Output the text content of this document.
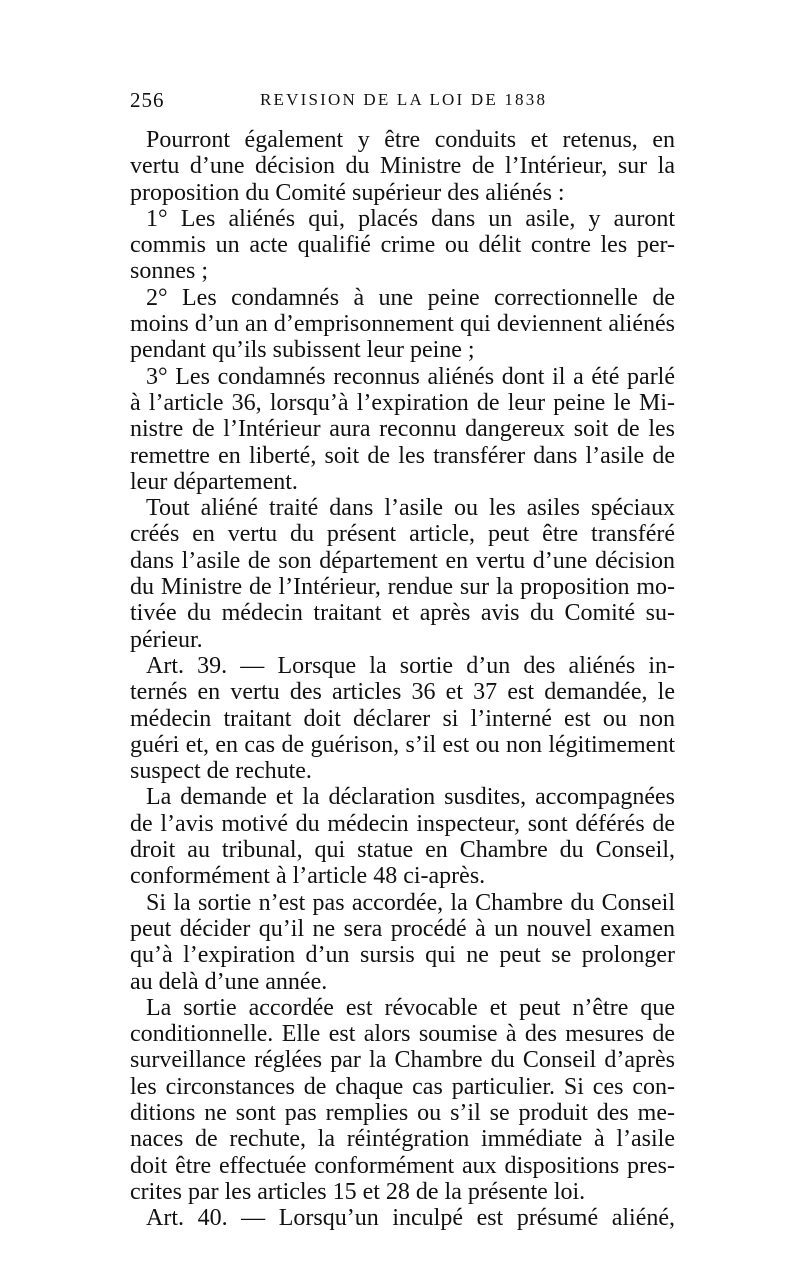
256	REVISION DE LA LOI DE 1838
Pourront également y être conduits et retenus, en
vertu d’une décision du Ministre de l’Intérieur, sur la
proposition du Comité supérieur des aliénés :
1° Les aliénés qui, placés dans un asile, y auront
commis un acte qualifié crime ou délit contre les per-
sonnes ;
2° Les condamnés à une peine correctionnelle de
moins d’un an d’emprisonnement qui deviennent aliénés
pendant qu’ils subissent leur peine ;
3° Les condamnés reconnus aliénés dont il a été parlé
à l’article 36, lorsqu’à l’expiration de leur peine le Mi-
nistre de l’Intérieur aura reconnu dangereux soit de les
remettre en liberté, soit de les transférer dans l’asile de
leur département.
Tout aliéné traité dans l’asile ou les asiles spéciaux
créés en vertu du présent article, peut être transféré
dans l’asile de son département en vertu d’une décision
du Ministre de l’Intérieur, rendue sur la proposition mo-
tivée du médecin traitant et après avis du Comité su-
périeur.
Art. 39. — Lorsque la sortie d’un des aliénés in-
ternés en vertu des articles 36 et 37 est demandée, le
médecin traitant doit déclarer si l’interné est ou non
guéri et, en cas de guérison, s’il est ou non légitimement
suspect de rechute.
La demande et la déclaration susdites, accompagnées
de l’avis motivé du médecin inspecteur, sont déférés de
droit au tribunal, qui statue en Chambre du Conseil,
conformément à l’article 48 ci-après.
Si la sortie n’est pas accordée, la Chambre du Conseil
peut décider qu’il ne sera procédé à un nouvel examen
qu’à l’expiration d’un sursis qui ne peut se prolonger
au delà d’une année.
La sortie accordée est révocable et peut n’être que
conditionnelle. Elle est alors soumise à des mesures de
surveillance réglées par la Chambre du Conseil d’après
les circonstances de chaque cas particulier. Si ces con-
ditions ne sont pas remplies ou s’il se produit des me-
naces de rechute, la réintégration immédiate à l’asile
doit être effectuée conformément aux dispositions pres-
crites par les articles 15 et 28 de la présente loi.
Art. 40. — Lorsqu’un inculpé est présumé aliéné,
